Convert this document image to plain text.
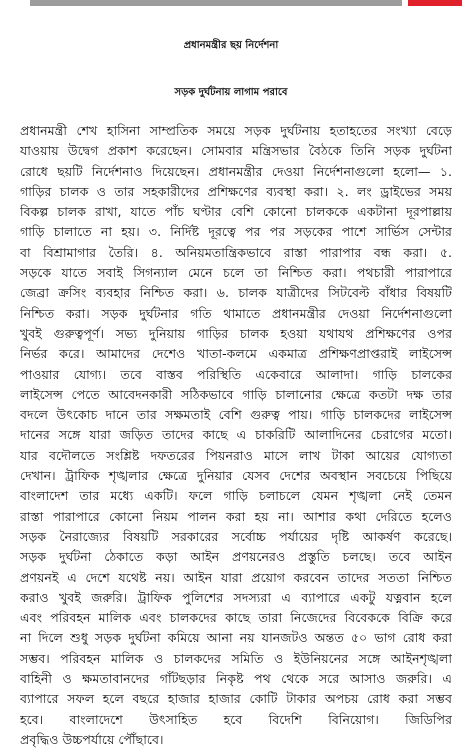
প্রধানমন্ত্রীর ছয় নির্দেশনা
সড়ক দুর্ঘটনায় লাগাম পরাবে
প্রধানমন্ত্রী শেখ হাসিনা সাম্প্রতিক সময়ে সড়ক দুর্ঘটনায় হতাহতের সংখ্যা বেড়ে
যাওয়ায় উদ্বেগ প্রকাশ করেছেন। সোমবার মন্ত্রিসভার বৈঠকে তিনি সড়ক দুর্ঘটনা
রোধে ছয়টি নির্দেশনাও দিয়েছেন। প্রধানমন্ত্রীর দেওয়া নির্দেশনাগুলো হলো— ১.
গাড়ির চালক ও তার সহকারীদের প্রশিক্ষণের ব্যবস্থা করা। ২. লং ড্রাইভের সময়
বিকল্প চালক রাখা, যাতে পাঁচ ঘণ্টার বেশি কোনো চালককে একটানা দূরপাল্লায়
গাড়ি চালাতে না হয়। ৩. নির্দিষ্ট দূরত্বে পর পর সড়কের পাশে সার্ভিস সেন্টার
বা বিশ্রামাগার তৈরি। ৪. অনিয়মতান্ত্রিকভাবে রাস্তা পারাপার বন্ধ করা। ৫.
সড়কে যাতে সবাই সিগন্যাল মেনে চলে তা নিশ্চিত করা। পথচারী পারাপারে
জেব্রা ক্রসিং ব্যবহার নিশ্চিত করা। ৬. চালক যাত্রীদের সিটবেল্ট বাঁধার বিষয়টি
নিশ্চিত করা। সড়ক দুর্ঘটনার গতি থামাতে প্রধানমন্ত্রীর দেওয়া নির্দেশনাগুলো
খুবই গুরুত্বপূর্ণ। সভ্য দুনিয়ায় গাড়ির চালক হওয়া যথাযথ প্রশিক্ষণের ওপর
নির্ভর করে। আমাদের দেশেও খাতা-কলমে একমাত্র প্রশিক্ষণপ্রাপ্তরাই লাইসেন্স
পাওয়ার যোগ্য। তবে বাস্তব পরিস্থিতি একেবারে আলাদা। গাড়ি চালকের
লাইসেন্স পেতে আবেদনকারী সঠিকভাবে গাড়ি চালানোর ক্ষেত্রে কতটা দক্ষ তার
বদলে উৎকোচ দানে তার সক্ষমতাই বেশি গুরুত্ব পায়। গাড়ি চালকদের লাইসেন্স
দানের সঙ্গে যারা জড়িত তাদের কাছে এ চাকরিটি আলাদিনের চেরাগের মতো।
যার বদৌলতে সংশ্লিষ্ট দফতরের পিয়নরাও মাসে লাখ টাকা আয়ের যোগ্যতা
দেখান। ট্রাফিক শৃঙ্খলার ক্ষেত্রে দুনিয়ার যেসব দেশের অবস্থান সবচেয়ে পিছিয়ে
বাংলাদেশ তার মধ্যে একটি। ফলে গাড়ি চলাচলে যেমন শৃঙ্খলা নেই তেমন
রাস্তা পারাপারে কোনো নিয়ম পালন করা হয় না। আশার কথা দেরিতে হলেও
সড়ক নৈরাজ্যের বিষয়টি সরকারের সর্বোচ্চ পর্যায়ের দৃষ্টি আকর্ষণ করেছে।
সড়ক দুর্ঘটনা ঠেকাতে কড়া আইন প্রণয়নেরও প্রস্তুতি চলছে। তবে আইন
প্রণয়নই এ দেশে যথেষ্ট নয়। আইন যারা প্রয়োগ করবেন তাদের সততা নিশ্চিত
করাও খুবই জরুরি। ট্রাফিক পুলিশের সদস্যরা এ ব্যাপারে একটু যত্নবান হলে
এবং পরিবহন মালিক এবং চালকদের কাছে তারা নিজেদের বিবেককে বিক্রি করে
না দিলে শুধু সড়ক দুর্ঘটনা কমিয়ে আনা নয় যানজটও অন্তত ৫০ ভাগ রোধ করা
সম্ভব। পরিবহন মালিক ও চালকদের সমিতি ও ইউনিয়নের সঙ্গে আইনশৃঙ্খলা
বাহিনী ও ক্ষমতাবানদের গাঁটছড়ার নিকৃষ্ট পথ থেকে সরে আসাও জরুরি। এ
ব্যাপারে সফল হলে বছরে হাজার হাজার কোটি টাকার অপচয় রোধ করা সম্ভব
হবে। বাংলাদেশে উৎসাহিত হবে বিদেশি বিনিয়োগ। জিডিপির
প্রবৃদ্ধিও উচ্চপর্যায়ে পৌঁছাবে।
